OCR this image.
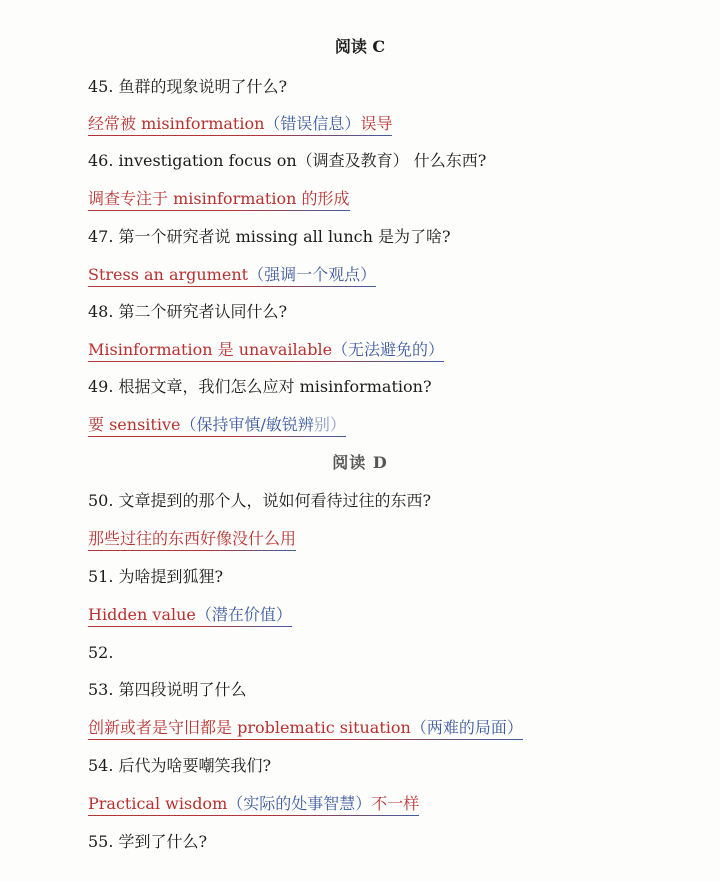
阅读 C
45. 鱼群的现象说明了什么?
经常被 misinformation（错误信息）误导
46. investigation focus on（调查及教育） 什么东西?
调查专注于 misinformation 的形成
47. 第一个研究者说 missing all lunch 是为了啥?
Stress an argument（强调一个观点）
48. 第二个研究者认同什么?
Misinformation 是 unavailable（无法避免的）
49. 根据文章，我们怎么应对 misinformation?
要 sensitive（保持审慎/敏锐辨别）
阅读 D
50. 文章提到的那个人，说如何看待过往的东西?
那些过往的东西好像没什么用
51. 为啥提到狐狸?
Hidden value（潜在价值）
52.
53. 第四段说明了什么
创新或者是守旧都是 problematic situation（两难的局面）
54. 后代为啥要嘲笑我们?
Practical wisdom（实际的处事智慧）不一样
55. 学到了什么?
